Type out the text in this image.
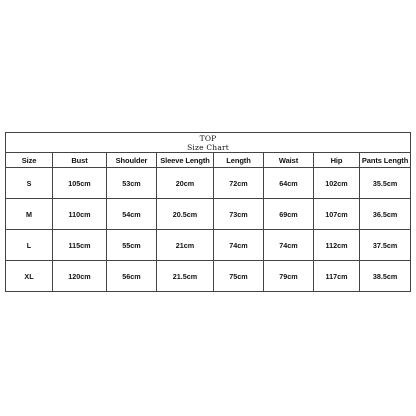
TOP
Size Chart							

Size	Bust	Shoulder	Sleeve Length	Length	Waist	Hip	Pants Length
S	105cm	53cm	20cm	72cm	64cm	102cm	35.5cm
M	110cm	54cm	20.5cm	73cm	69cm	107cm	36.5cm
L	115cm	55cm	21cm	74cm	74cm	112cm	37.5cm
XL	120cm	56cm	21.5cm	75cm	79cm	117cm	38.5cm
